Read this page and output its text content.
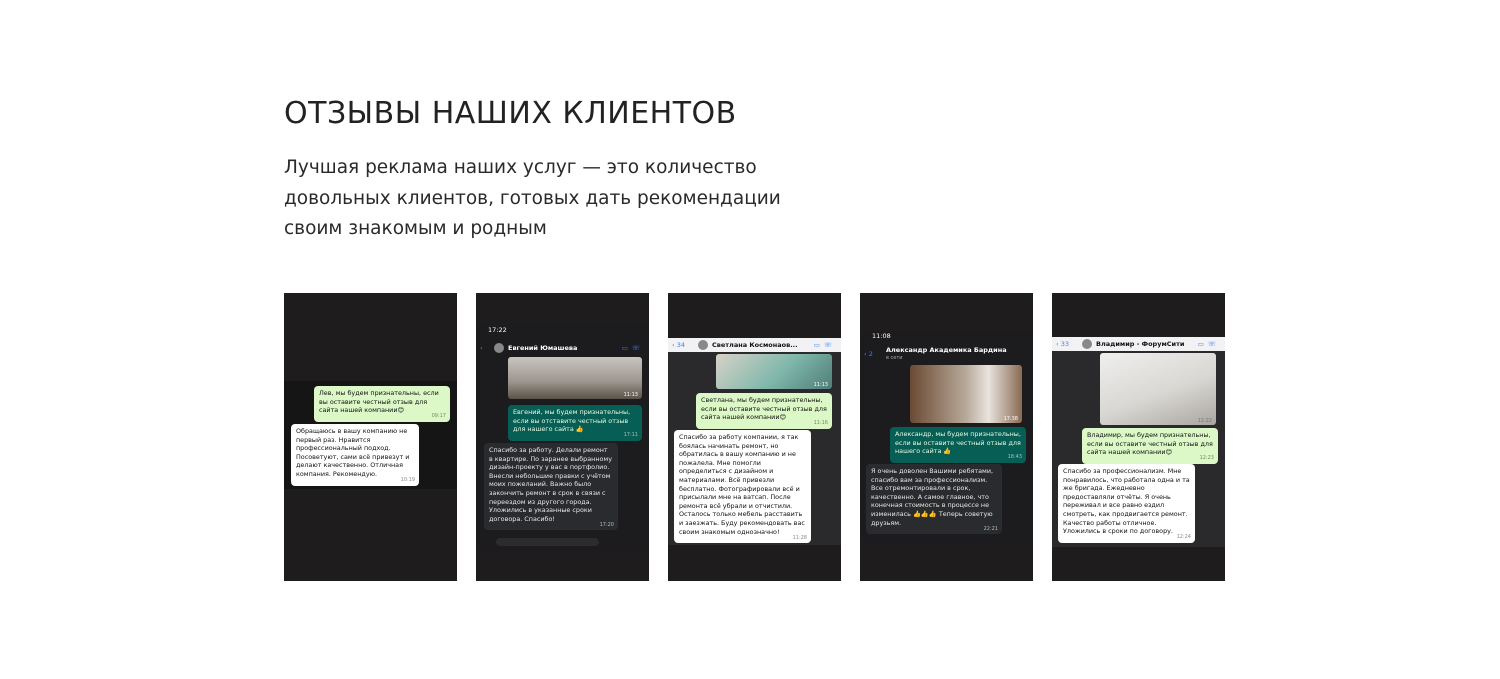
ОТЗЫВЫ НАШИХ КЛИЕНТОВ
Лучшая реклама наших услуг — это количество довольных клиентов, готовых дать рекомендации своим знакомым и родным
Лев, мы будем признательны, если вы оставите честный отзыв для сайта нашей компании😊
09:17
Обращаюсь в вашу компанию не первый раз. Нравится профессиональный подход. Посоветуют, сами всё привезут и делают качественно. Отличная компания. Рекомендую.
10:19
17:22
‹	Евгений Юмашева	▭☏
11:13
Евгений, мы будем признательны, если вы отставите честный отзыв для нашего сайта 👍
17:11
Спасибо за работу. Делали ремонт в квартире. По заранее выбранному дизайн-проекту у вас в портфолио. Внесли небольшие правки с учётом моих пожеланий. Важно было закончить ремонт в срок в связи с переездом из другого города. Уложились в указанные сроки договора. Спасибо!
17:20
‹ 34	Светлана Космонаов... ▭☏
11:13
Светлана, мы будем признательны, если вы оставите честный отзыв для сайта нашей компании😊
11:16
Спасибо за работу компании, я так боялась начинать ремонт, но обратилась в вашу компанию и не пожалела. Мне помогли определиться с дизайном и материалами. Всё привезли бесплатно. Фотографировали всё и присылали мне на ватсап. После ремонта всё убрали и отчистили. Осталось только мебель расставить и заезжать. Буду рекомендовать вас своим знакомым однозначно!
11:28
11:08
‹ 2 Александр Академика Бардина
в сети
17:38
Александр, мы будем признательны, если вы оставите честный отзыв для нашего сайта 👍
18:43
Я очень доволен Вашими ребятами, спасибо вам за профессионализм. Все отремонтировали в срок, качественно. А самое главное, что конечная стоимость в процессе не изменилась 👍👍👍 Теперь советую друзьям.
22:21
‹ 33	Владимир - ФорумСити ▭☏
12:22
Владимир, мы будем признательны, если вы оставите честный отзыв для сайта нашей компании😊
12:23
Спасибо за профессионализм. Мне понравилось, что работала одна и та же бригада. Ежедневно предоставляли отчёты. Я очень переживал и все равно ездил смотреть, как продвигается ремонт. Качество работы отличное. Уложились в сроки по договору.
12:24
